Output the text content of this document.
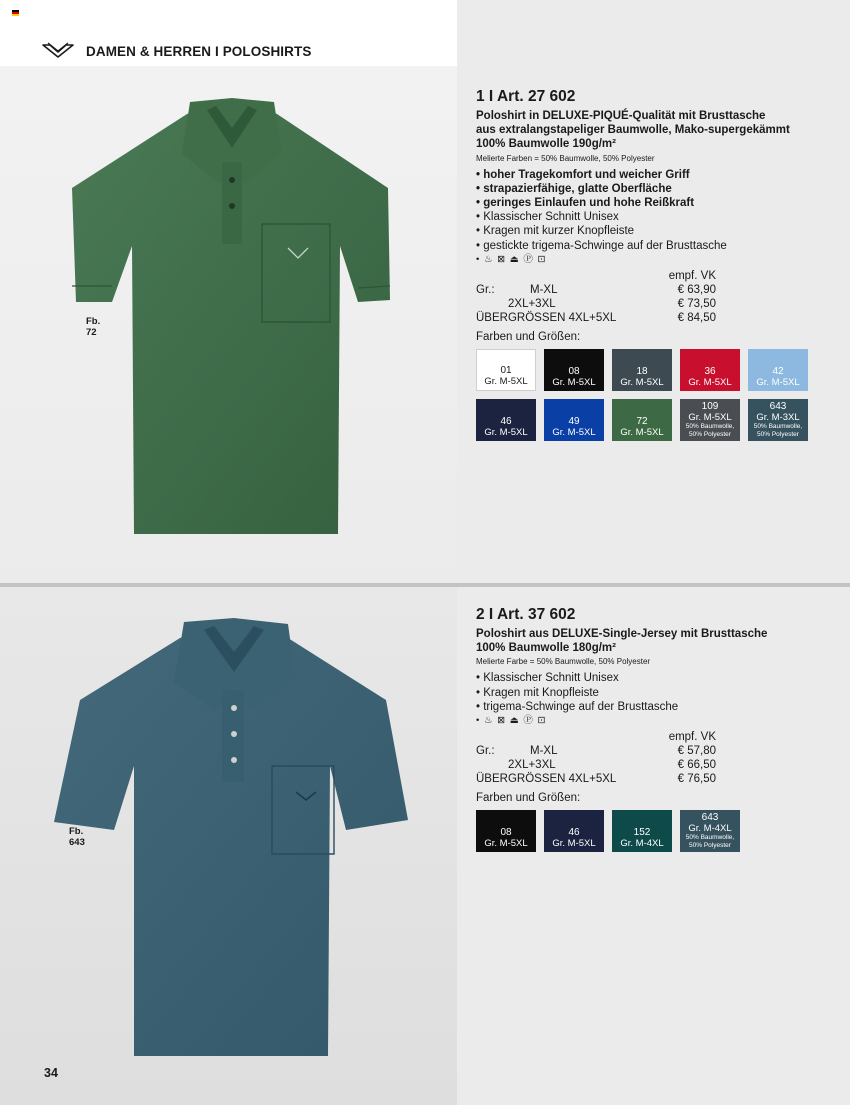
DAMEN & HERREN I POLOSHIRTS
Fb.
72
Fb.
643
34
1 I Art. 27 602
Poloshirt in DELUXE-PIQUÉ-Qualität mit Brusttasche
aus extralangstapeliger Baumwolle, Mako-supergekämmt
100% Baumwolle 190g/m²
Melierte Farben = 50% Baumwolle, 50% Polyester
• hoher Tragekomfort und weicher Griff
• strapazierfähige, glatte Oberfläche
• geringes Einlaufen und hohe Reißkraft
• Klassischer Schnitt Unisex
• Kragen mit kurzer Knopfleiste
• gestickte trigema-Schwinge auf der Brusttasche
• ♨ ⊠ ⏏ Ⓟ ⊡
empf. VK
Gr.:	M-XL	€ 63,90
2XL+3XL	€ 73,50
ÜBERGRÖSSEN 4XL+5XL	€ 84,50
Farben und Größen:
01
Gr. M-5XL
08
Gr. M-5XL
18
Gr. M-5XL
36
Gr. M-5XL
42
Gr. M-5XL
46
Gr. M-5XL
49
Gr. M-5XL
72
Gr. M-5XL
109
Gr. M-5XL
50% Baumwolle, 50% Polyester
643
Gr. M-3XL
50% Baumwolle, 50% Polyester
2 I Art. 37 602
Poloshirt aus DELUXE-Single-Jersey mit Brusttasche
100% Baumwolle 180g/m²
Melierte Farbe = 50% Baumwolle, 50% Polyester
• Klassischer Schnitt Unisex
• Kragen mit Knopfleiste
• trigema-Schwinge auf der Brusttasche
• ♨ ⊠ ⏏ Ⓟ ⊡
empf. VK
Gr.:	M-XL	€ 57,80
2XL+3XL	€ 66,50
ÜBERGRÖSSEN 4XL+5XL	€ 76,50
Farben und Größen:
08
Gr. M-5XL
46
Gr. M-5XL
152
Gr. M-4XL
643
Gr. M-4XL
50% Baumwolle, 50% Polyester
